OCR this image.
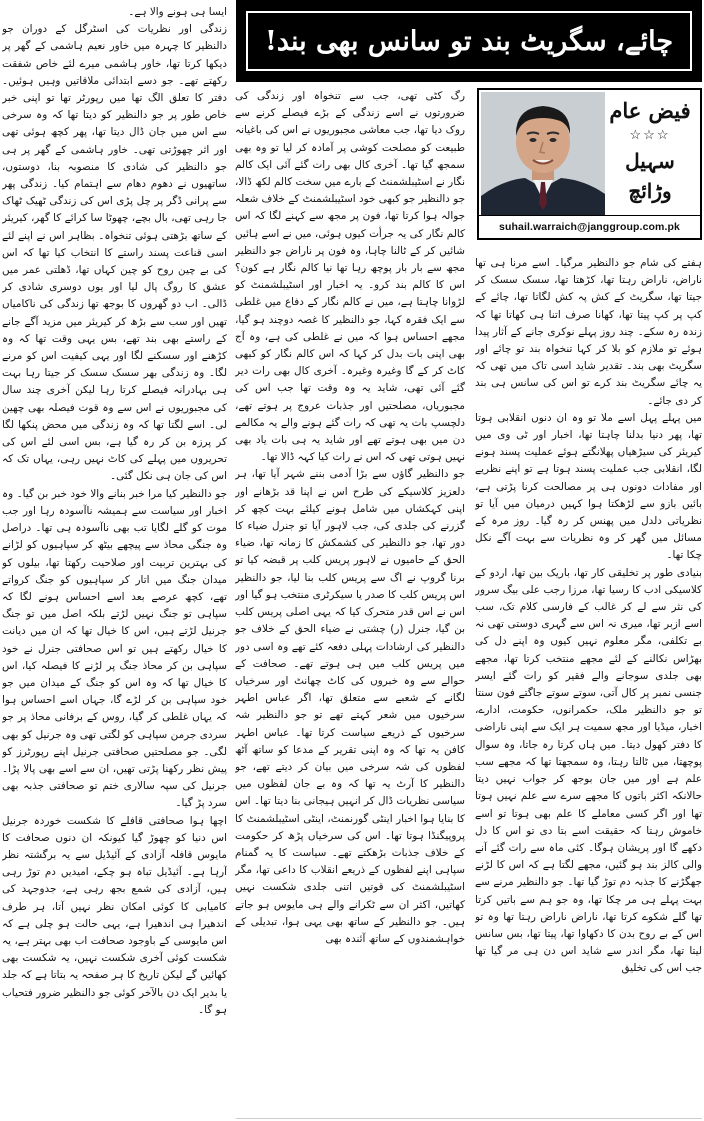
چائے، سگریٹ بند تو سانس بھی بند!
فیض عام
☆☆☆
سہیل وڑائچ
suhail.warraich@janggroup.com.pk

ہفتے کی شام جو دالنظیر مرگیا۔ اسے مرنا ہی تھا ناراض، ناراض رہتا تھا، کڑھتا تھا، سسک سسک کر جیتا تھا، سگریٹ کے کش پہ کش لگاتا تھا، چائے کے کپ پر کپ پیتا تھا، کھانا صرف اتنا ہی کھاتا تھا کہ زندہ رہ سکے۔ چند روز پہلے نوکری جانے کے آثار پیدا ہوئے تو ملازم کو بلا کر کہا تنخواہ بند تو چائے اور سگریٹ بھی بند۔ تقدیر شاید اسی تاک میں تھی کہ یہ چائے سگریٹ بند کرے تو اس کی سانس ہی بند کر دی جائے۔

میں پہلے پہل اسے ملا تو وہ ان دنوں انقلابی ہوتا تھا، پھر دنیا بدلنا چاہتا تھا، اخبار اور ٹی وی میں کیریئر کی سیڑھیاں پھلانگتے ہوئے عملیت پسند ہونے لگا، انقلابی جب عملیت پسند ہوتا ہے تو اپنے نظریے اور مفادات دونوں ہی پر مصالحت کرنا پڑتی ہے، بائیں بازو سے لڑھکتا ہوا کہیں درمیان میں آیا تو نظریاتی دلدل میں پھنس کر رہ گیا۔ روز مرہ کے مسائل میں گھر کر وہ نظریات سے بہت آگے نکل چکا تھا۔

بنیادی طور پر تخلیقی کار تھا، باریک بین تھا، اردو کے کلاسیکی ادب کا رسیا تھا، مرزا رجب علی بیگ سرور کی نثر سے لے کر غالب کے فارسی کلام تک، سب اسے ازبر تھا، میری نہ اس سے گہری دوستی تھی نہ بے تکلفی، مگر معلوم نہیں کیوں وہ اپنے دل کی بھڑاس نکالنے کے لئے مجھے منتخب کرتا تھا، مجھے بھی جلدی سوجانے والے فقیر کو رات گئے ایسر جنسی نمبر پر کال آتی، سوتے سوتے جاگتے فون سنتا تو جو دالنظیر ملک، حکمرانوں، حکومت، ادارے، اخبار، میڈیا اور مجھ سمیت ہر ایک سے اپنی ناراضی کا دفتر کھول دیتا۔ میں ہاں کرتا رہ جاتا، وہ سوال پوچھتا، میں ٹالتا رہتا، وہ سمجھتا تھا کہ مجھے سب علم ہے اور میں جان بوجھ کر جواب نہیں دیتا حالانکہ اکثر باتوں کا مجھے سرے سے علم نہیں ہوتا تھا اور اگر کسی معاملے کا علم بھی ہوتا تو اسے خاموش رہتا کہ حقیقت اسے بتا دی تو اس کا دل دکھے گا اور پریشان ہوگا۔ کئی ماہ سے رات گئے آنے والی کالز بند ہو گئیں، مجھے لگتا ہے کہ اس کا لڑنے جھگڑنے کا جذبہ دم توڑ گیا تھا۔ جو دالنظیر مرنے سے بہت پہلے ہی مر چکا تھا، وہ جو ہم سے باتیں کرتا تھا گلے شکوے کرتا تھا، ناراض ناراض رہتا تھا وہ تو اس کے بے روح بدن کا دکھاوا تھا، پیتا تھا، بس سانس لیتا تھا، مگر اندر سے شاید اس دن ہی مر گیا تھا جب اس کی تخلیق

رگ کٹی تھی، جب سے تنخواہ اور زندگی کی ضرورتوں نے اسے زندگی کے بڑے فیصلے کرنے سے روک دیا تھا، جب معاشی مجبوریوں نے اس کی باغیانہ طبیعت کو مصلحت کوشی پر آمادہ کر لیا تو وہ بھی سمجھ گیا تھا۔ آخری کال بھی رات گئے آئی ایک کالم نگار نے اسٹیبلشمنٹ کے بارے میں سخت کالم لکھ ڈالا، جو دالنظیر جو کبھی خود اسٹیبلشمنٹ کے خلاف شعلہ جوالہ ہوا کرتا تھا، فون پر مجھ سے کہنے لگا کہ اس کالم نگار کی یہ جرأت کیوں ہوئی، میں نے اسے ہائیں شائیں کر کے ٹالنا چاہا، وہ فون پر ناراض جو دالنظیر مجھ سے بار بار پوچھ رہا تھا نیا کالم نگار ہے کون؟ اس کا کالم بند کرو۔ یہ اخبار اور اسٹیبلشمنٹ کو لڑوانا چاہتا ہے، میں نے کالم نگار کے دفاع میں غلطی سے ایک فقرہ کہا، جو دالنظیر کا غصہ دوچند ہو گیا، مجھے احساس ہوا کہ میں نے غلطی کی ہے، وہ آج بھی اپنی بات بدل کر کہا کہ اس کالم نگار کو کبھی کاٹ کر کے گا وغیرہ وغیرہ۔ آخری کال بھی رات دیر گئے آئی تھی، شاید یہ وہ وقت تھا جب اس کی مجبوریاں، مصلحتیں اور جذبات عروج پر ہوتے تھے، دلچسپ بات یہ تھی کہ رات گئے ہونے والے یہ مکالمے دن میں بھی ہوتے تھے اور شاید یہ ہی بات یاد بھی نہیں ہوتی تھی کہ اس نے رات کیا کہہ ڈالا تھا۔

جو دالنظیر گاؤں سے بڑا آدمی بننے شہر آیا تھا، ہر دلعزیز کلاسیکے کی طرح اس نے اپنا قد بڑھانے اور اپنی کہکشاں میں شامل ہونے کیلئے بہت کچھ کر گزرنے کی جلدی کی، جب لاہور آیا تو جنرل ضیاء کا دور تھا، جو دالنظیر کی کشمکش کا زمانہ تھا، ضیاء الحق کے حامیوں نے لاہور پریس کلب پر قبضہ کیا تو برنا گروپ نے اگ سے پریس کلب بنا لیا، جو دالنظیر اس پریس کلب کا صدر یا سیکرٹری منتخب ہو گیا اور اس نے اس قدر متحرک کیا کہ یہی اصلی پریس کلب بن گیا، جنرل (ر) چشتی نے ضیاء الحق کے خلاف جو دالنظیر کی ارشادات پہلی دفعہ کئے تھے وہ اسی دور میں پریس کلب میں ہی ہوتے تھے۔ صحافت کے حوالے سے وہ خبروں کی کاٹ چھانٹ اور سرخیاں لگانے کے شعبے سے متعلق تھا، اگر عباس اطہر سرخیوں میں شعر کہتے تھے تو جو دالنظیر شہ سرخیوں کے ذریعے سیاست کرتا تھا۔ عباس اطہر کافن یہ تھا کہ وہ اپنی تقریر کے مدعا کو ساتھ آٹھ لفظوں کی شہ سرخی میں بیان کر دیتے تھے، جو دالنظیر کا آرٹ یہ تھا کہ وہ بے جان لفظوں میں سیاسی نظریات ڈال کر انہیں ہیجانی بنا دیتا تھا۔ اس کا بنایا ہوا اخبار اینٹی گورنمنٹ، اینٹی اسٹیبلشمنٹ کا پروپیگنڈا ہوتا تھا۔ اس کی سرخیاں پڑھ کر حکومت کے خلاف جذبات بڑھکتے تھے۔ سیاست کا یہ گمنام سپاہی اپنے لفظوں کے ذریعے انقلاب کا داعی تھا، مگر اسٹیبلشمنٹ کی قوتیں اتنی جلدی شکست نہیں کھاتیں، اکثر ان سے ٹکرانے والے ہی مایوس ہو جاتے ہیں۔ جو دالنظیر کے ساتھ بھی یہی ہوا، تبدیلی کے خواہشمندوں کے ساتھ آئندہ بھی

ایسا ہی ہونے والا ہے۔

زندگی اور نظریات کی اسٹرگل کے دوران جو دالنظیر کا چہرہ میں خاور نعیم ہاشمی کے گھر پر دیکھا کرتا تھا، خاور ہاشمی میرے لئے خاص شفقت رکھتے تھے۔ جو دسے ابتدائی ملاقاتیں وہیں ہوئیں۔ دفتر کا تعلق الگ تھا میں رپورٹر تھا تو اپنی خبر خاص طور پر جو دالنظیر کو دیتا تھا کہ وہ سرخی سے اس میں جان ڈال دیتا تھا، پھر کچھ ہوئی تھی اور اثر چھوڑتی تھی۔ خاور ہاشمی کے گھر پر ہی جو دالنظیر کی شادی کا منصوبہ بنا، دوستوں، ساتھیوں نے دھوم دھام سے اہتمام کیا۔ زندگی پھر سے پرانی ڈگر پر چل پڑی اس کی زندگی ٹھیک ٹھاک جا رہی تھی، بال بچے، چھوٹا سا کرائے کا گھر، کیریئر کے ساتھ بڑھتی ہوئی تنخواہ۔ بظاہر اس نے اپنے لئے اسی قناعت پسند راستے کا انتخاب کیا تھا کہ اس کی بے چین روح کو چین کہاں تھا، ڈھلتی عمر میں عشق کا روگ پال لیا اور یوں دوسری شادی کر ڈالی۔ اب دو گھروں کا بوجھ تھا زندگی کی ناکامیاں تھیں اور سب سے بڑھ کر کیریئر میں مزید آگے جانے کے راستے بھی بند تھے، بس یہی وقت تھا کہ وہ کڑھنے اور سسکنے لگا اور یہی کیفیت اس کو مرنے لگا۔ وہ زندگی بھر سسک سسک کر جیتا رہا بہت ہی بہادرانہ فیصلے کرتا رہا لیکن آخری چند سال کی مجبوریوں نے اس سے وہ قوت فیصلہ بھی چھین لی۔ اسے لگتا تھا کہ وہ زندگی میں محض پنکھا لگا کر پرزہ بن کر رہ گیا ہے، بس اسی لئے اس کی تحریروں میں پہلے کی کاٹ نہیں رہی، یہاں تک کہ اس کی جان ہی نکل گئی۔

جو دالنظیر کیا مرا خبر بنانے والا خود خبر بن گیا۔ وہ اخبار اور سیاست سے ہمیشہ ناآسودہ رہا اور جب موت کو گلے لگایا تب بھی ناآسودہ ہی تھا۔ دراصل وہ جنگی محاذ سے پیچھے بیٹھ کر سپاہیوں کو لڑانے کی بہترین تربیت اور صلاحیت رکھتا تھا، بیلوں کو میدان جنگ میں اتار کر سپاہیوں کو جنگ کرواتے تھے، کچھ عرصے بعد اسے احساس ہونے لگا کہ سپاہی تو جنگ نہیں لڑتے بلکہ اصل میں تو جنگ جرنیل لڑتے ہیں، اس کا خیال تھا کہ ان میں دیانت کا خیال رکھتے ہیں تو اس صحافتی جنرل نے خود سپاہی بن کر محاذ جنگ پر لڑنے کا فیصلہ کیا، اس کا خیال تھا کہ وہ اس کو جنگ کے میدان میں جو خود سپاہی بن کر لڑے گا، جہاں اسے احساس ہوا کہ یہاں غلطی کر گیا، روس کے برفانی محاذ پر جو سردی جرمن سپاہی کو لگتی تھی وہ جرنیل کو بھی لگی۔ جو مصلحتیں صحافتی جرنیل اپنے رپورٹرز کو پیش نظر رکھنا پڑتی تھیں، ان سے اسے بھی پالا پڑا۔ جرنیل کی سپہ سالاری ختم تو صحافتی جذبہ بھی سرد پڑ گیا۔

اچھا ہوا صحافتی قافلے کا شکست خوردہ جرنیل اس دنیا کو چھوڑ گیا کیونکہ ان دنوں صحافت کا مایوس قافلہ آزادی کے آئیڈیل سے یہ برگشتہ نظر آرہا ہے۔ آئیڈیل تباہ ہو چکے، امیدیں دم توڑ رہی ہیں، آزادی کی شمع بجھ رہی ہے، جدوجہد کی کامیابی کا کوئی امکان نظر نہیں آتا، ہر طرف اندھیرا ہی اندھیرا ہے، یہی حالت ہو چلی ہے کہ اس مایوسی کے باوجود صحافت اب بھی بہتر ہے، یہ شکست کوئی آخری شکست نہیں، یہ شکست بھی کھائیں گے لیکن تاریخ کا ہر صفحہ یہ بتاتا ہے کہ جلد یا بدیر ایک دن بالآخر کوئی جو دالنظیر ضرور فتحیاب ہو گا۔
